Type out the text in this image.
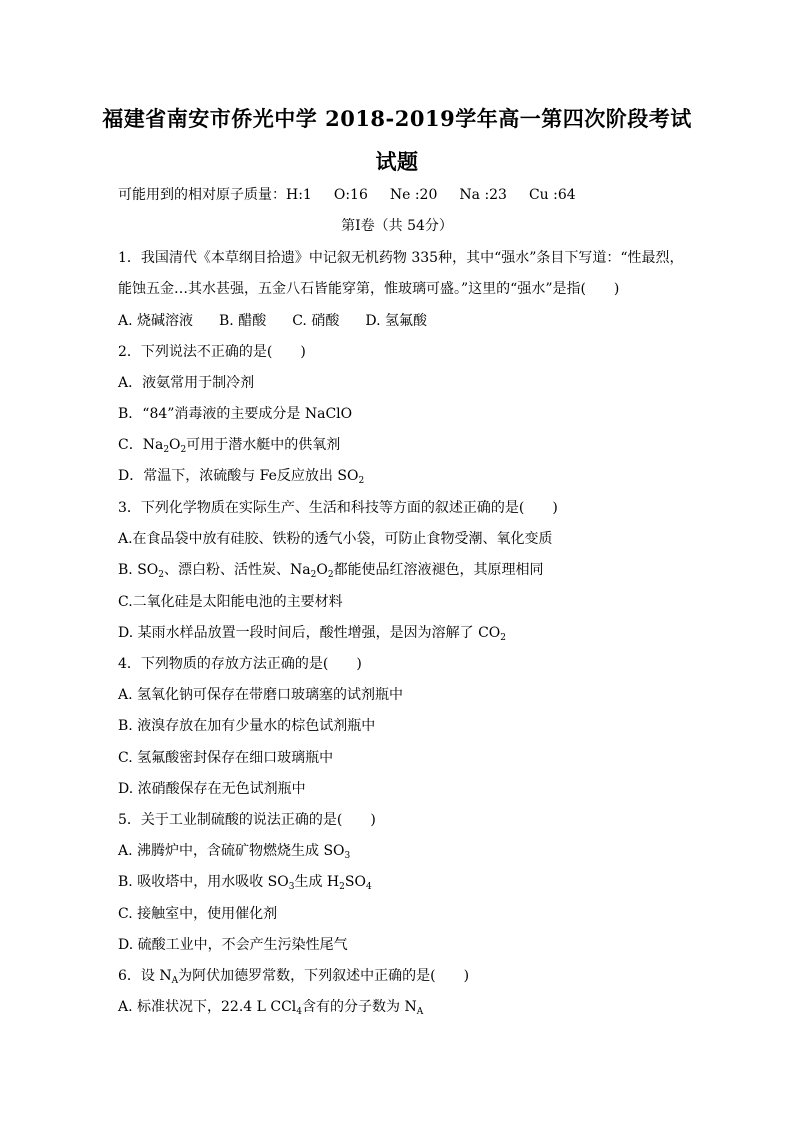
福建省南安市侨光中学 2018-2019学年高一第四次阶段考试
试题
可能用到的相对原子质量：H:1 O:16 Ne :20 Na :23 Cu :64
第Ⅰ卷（共 54分）
1．我国清代《本草纲目拾遗》中记叙无机药物 335种，其中“强水”条目下写道：“性最烈，
能蚀五金…其水甚强，五金八石皆能穿第，惟玻璃可盛。”这里的“强水”是指(　　)
A. 烧碱溶液 B. 醋酸 C. 硝酸 D. 氢氟酸
2．下列说法不正确的是(　　)
A．液氨常用于制冷剂
B．“84”消毒液的主要成分是 NaClO
C．$Na_2O_2$可用于潜水艇中的供氧剂
D．常温下，浓硫酸与 Fe反应放出 $SO_2$
3．下列化学物质在实际生产、生活和科技等方面的叙述正确的是(　　)
A.在食品袋中放有硅胶、铁粉的透气小袋，可防止食物受潮、氧化变质
B. $SO_2$、漂白粉、活性炭、$Na_2O_2$都能使品红溶液褪色，其原理相同
C.二氧化硅是太阳能电池的主要材料
D. 某雨水样品放置一段时间后，酸性增强，是因为溶解了 $CO_2$
4．下列物质的存放方法正确的是(　　)
A. 氢氧化钠可保存在带磨口玻璃塞的试剂瓶中
B. 液溴存放在加有少量水的棕色试剂瓶中
C. 氢氟酸密封保存在细口玻璃瓶中
D. 浓硝酸保存在无色试剂瓶中
5．关于工业制硫酸的说法正确的是(　　)
A. 沸腾炉中，含硫矿物燃烧生成 $SO_3$
B. 吸收塔中，用水吸收 $SO_3$生成 $H_2SO_4$
C. 接触室中，使用催化剂
D. 硫酸工业中，不会产生污染性尾气
6．设 $N_A$为阿伏加德罗常数，下列叙述中正确的是(　　)
A. 标准状况下，22.4 L CCl$_4$含有的分子数为 $N_A$
